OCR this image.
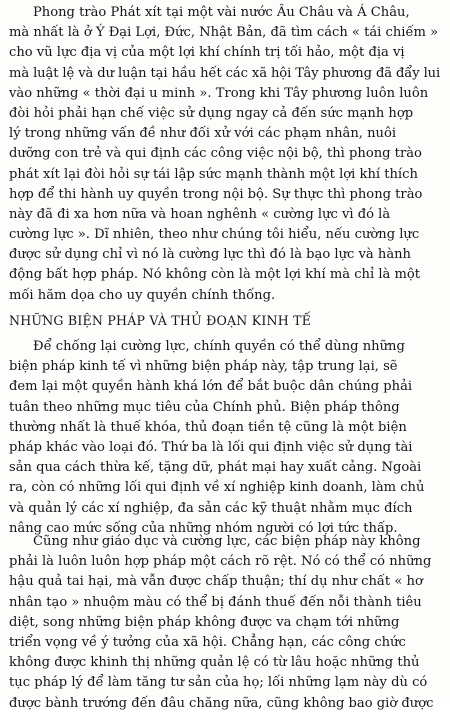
Phong trào Phát xít tại một vài nước Âu Châu và Á Châu,
mà nhất là ở Ý Đại Lợi, Đức, Nhật Bản, đã tìm cách « tái chiếm »
cho vũ lực địa vị của một lợi khí chính trị tối hảo, một địa vị
mà luật lệ và dư luận tại hầu hết các xã hội Tây phương đã đẩy lui
vào những « thời đại u minh ». Trong khi Tây phương luôn luôn
đòi hỏi phải hạn chế việc sử dụng ngay cả đến sức mạnh hợp
lý trong những vấn đề như đối xử với các phạm nhân, nuôi
dưỡng con trẻ và qui định các công việc nội bộ, thì phong trào
phát xít lại đòi hỏi sự tái lập sức mạnh thành một lợi khí thích
hợp để thi hành uy quyền trong nội bộ. Sự thực thì phong trào
này đã đi xa hơn nữa và hoan nghênh « cường lực vì đó là
cường lực ». Dĩ nhiên, theo như chúng tôi hiểu, nếu cường lực
được sử dụng chỉ vì nó là cường lực thì đó là bạo lực và hành
động bất hợp pháp. Nó không còn là một lợi khí mà chỉ là một
mối hăm dọa cho uy quyền chính thống.
NHỮNG BIỆN PHÁP VÀ THỦ ĐOẠN KINH TẾ
Để chống lại cường lực, chính quyền có thể dùng những
biện pháp kinh tế vì những biện pháp này, tập trung lại, sẽ
đem lại một quyền hành khá lớn để bắt buộc dân chúng phải
tuân theo những mục tiêu của Chính phủ. Biện pháp thông
thường nhất là thuế khóa, thủ đoạn tiền tệ cũng là một biện
pháp khác vào loại đó. Thứ ba là lối qui định việc sử dụng tài
sản qua cách thừa kế, tặng dữ, phát mại hay xuất cảng. Ngoài
ra, còn có những lối qui định về xí nghiệp kinh doanh, làm chủ
và quản lý các xí nghiệp, đa sản các kỹ thuật nhằm mục đích
nâng cao mức sống của những nhóm người có lợi tức thấp.
Cũng như giáo dục và cường lực, các biện pháp này không
phải là luôn luôn hợp pháp một cách rõ rệt. Nó có thể có những
hậu quả tai hại, mà vẫn được chấp thuận; thí dụ như chất « hơ
nhân tạo » nhuộm màu có thể bị đánh thuế đến nỗi thành tiêu
diệt, song những biện pháp không được va chạm tới những
triển vọng về ý tưởng của xã hội. Chẳng hạn, các công chức
không được khinh thị những quản lệ có từ lâu hoặc những thủ
tục pháp lý để làm tăng tư sản của họ; lối những lạm này dù có
được bành trướng đến đâu chăng nữa, cũng không bao giờ được
